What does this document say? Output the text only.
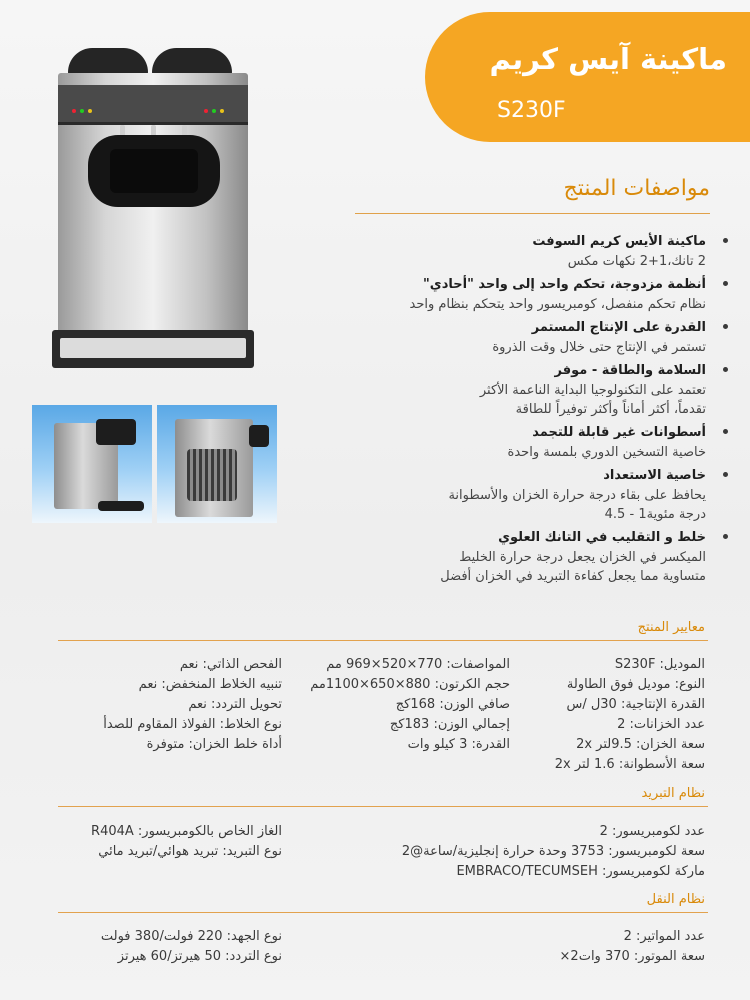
ماكينة آيس كريم
S230F
مواصفات المنتج
ماكينة الأيس كريم السوفت
2 تانك،1+2 نكهات مكس
أنظمة مزدوجة، تحكم واحد إلى واحد "أحادي"
نظام تحكم منفصل، كومبريسور واحد يتحكم بنظام واحد
القدرة على الإنتاج المستمر
تستمر في الإنتاج حتى خلال وقت الذروة
السلامة والطاقة - موفر
تعتمد على التكنولوجيا البداية الناعمة الأكثر
تقدماً، أكثر أماناً وأكثر توفيراً للطاقة
أسطوانات غير قابلة للتجمد
خاصية التسخين الدوري بلمسة واحدة
خاصية الاستعداد
يحافظ على بقاء درجة حرارة الخزان والأسطوانة
درجة مئوية1 - 4.5
خلط و التقليب في التانك العلوي
الميكسر في الخزان يجعل درجة حرارة الخليط
متساوية مما يجعل كفاءة التبريد في الخزان أفضل
معايير المنتج
الموديل: S230F
النوع: موديل فوق الطاولة
القدرة الإنتاجية: 30ل /س
عدد الخزانات: 2
سعة الخزان: 9.5لتر 2x
سعة الأسطوانة: 1.6 لتر 2x
المواصفات: 770×520×969 مم
حجم الكرتون: 880×650×1100مم
صافي الوزن: 168كج
إجمالي الوزن: 183كج
القدرة: 3 كيلو وات
الفحص الذاتي: نعم
تنبيه الخلاط المنخفض: نعم
تحويل التردد: نعم
نوع الخلاط: الفولاذ المقاوم للصدأ
أداة خلط الخزان: متوفرة
نظام التبريد
عدد لكومبريسور: 2
سعة لكومبريسور: 3753 وحدة حرارة إنجليزية/ساعة@2
ماركة لكومبريسور: EMBRACO/TECUMSEH
الغاز الخاص بالكومبريسور: R404A
نوع التبريد: تبريد هوائي/تبريد مائي
نظام النقل
عدد المواتير: 2
سعة الموتور: 370 وات2×
نوع الجهد: 220 فولت/380 فولت
نوع التردد: 50 هيرتز/60 هيرتز
